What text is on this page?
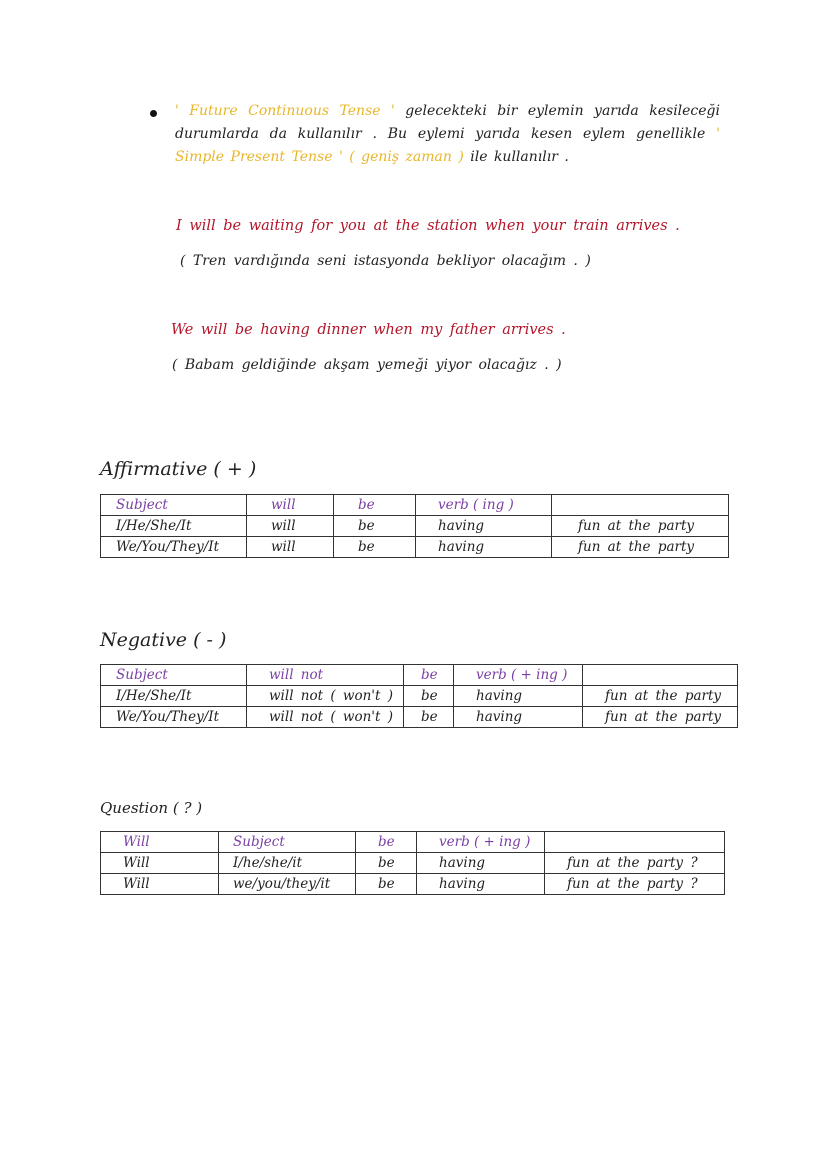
' Future Continuous Tense ' gelecekteki bir eylemin yarıda kesileceği durumlarda da kullanılır . Bu eylemi yarıda kesen eylem genellikle ' Simple Present Tense ' ( geniş zaman ) ile kullanılır .
I will be waiting for you at the station when your train arrives .
( Tren vardığında seni istasyonda bekliyor olacağım . )
We will be having dinner when my father arrives .
( Babam geldiğinde akşam yemeği yiyor olacağız . )
Affirmative ( + )
Subject	will	be	verb ( ing )	
I/He/She/It	will	be	having	fun at the party
We/You/They/It	will	be	having	fun at the party
Negative ( - )
Subject	will not	be	verb ( + ing )	
I/He/She/It	will not ( won't )	be	having	fun at the party
We/You/They/It	will not ( won't )	be	having	fun at the party
Question ( ? )
Will	Subject	be	verb ( + ing )	
Will	I/he/she/it	be	having	fun at the party ?
Will	we/you/they/it	be	having	fun at the party ?
